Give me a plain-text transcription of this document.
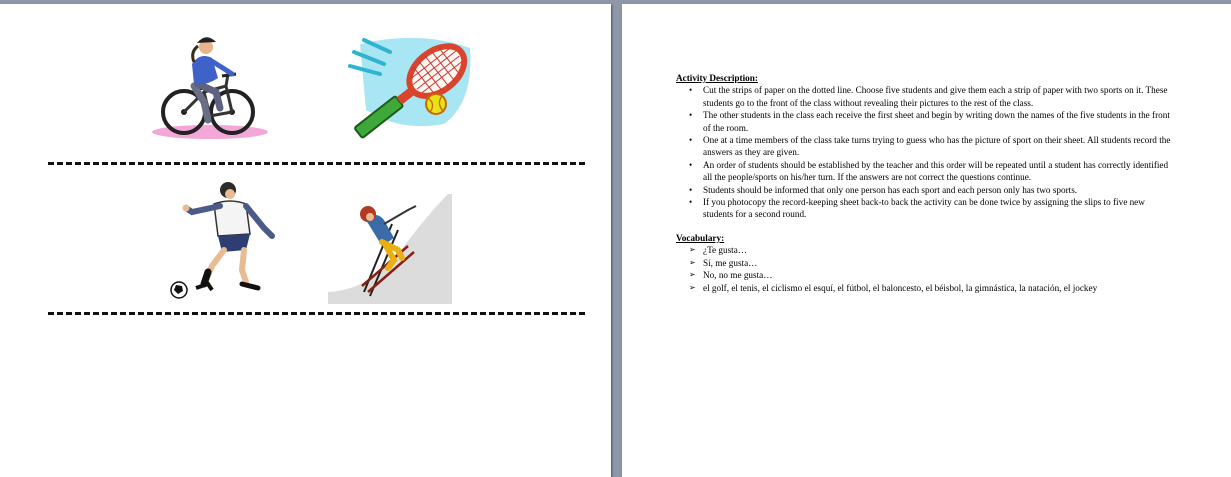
Activity Description:

• Cut the strips of paper on the dotted line. Choose five students and give them each a strip of paper with two sports on it. These students go to the front of the class without revealing their pictures to the rest of the class.
• The other students in the class each receive the first sheet and begin by writing down the names of the five students in the front of the room.
• One at a time members of the class take turns trying to guess who has the picture of sport on their sheet. All students record the answers as they are given.
• An order of students should be established by the teacher and this order will be repeated until a student has correctly identified all the people/sports on his/her turn. If the answers are not correct the questions continue.
• Students should be informed that only one person has each sport and each person only has two sports.
• If you photocopy the record-keeping sheet back-to back the activity can be done twice by assigning the slips to five new students for a second round.

Vocabulary:

➢ ¿Te gusta…
➢ Sí, me gusta…
➢ No, no me gusta…
➢ el golf, el tenis, el ciclismo el esquí, el fútbol, el baloncesto, el béisbol, la gimnástica, la natación, el jockey
